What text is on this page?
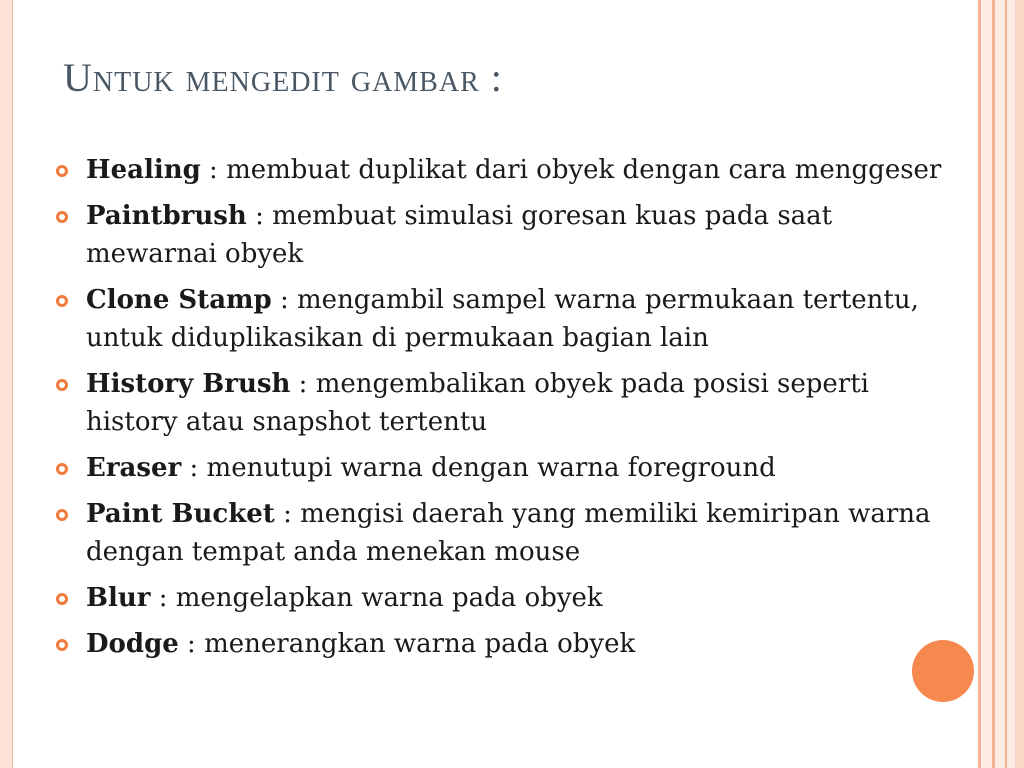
Untuk mengedit gambar :
Healing : membuat duplikat dari obyek dengan cara menggeser
Paintbrush : membuat simulasi goresan kuas pada saat mewarnai obyek
Clone Stamp : mengambil sampel warna permukaan tertentu, untuk diduplikasikan di permukaan bagian lain
History Brush : mengembalikan obyek pada posisi seperti history atau snapshot tertentu
Eraser : menutupi warna dengan warna foreground
Paint Bucket : mengisi daerah yang memiliki kemiripan warna dengan tempat anda menekan mouse
Blur : mengelapkan warna pada obyek
Dodge : menerangkan warna pada obyek
